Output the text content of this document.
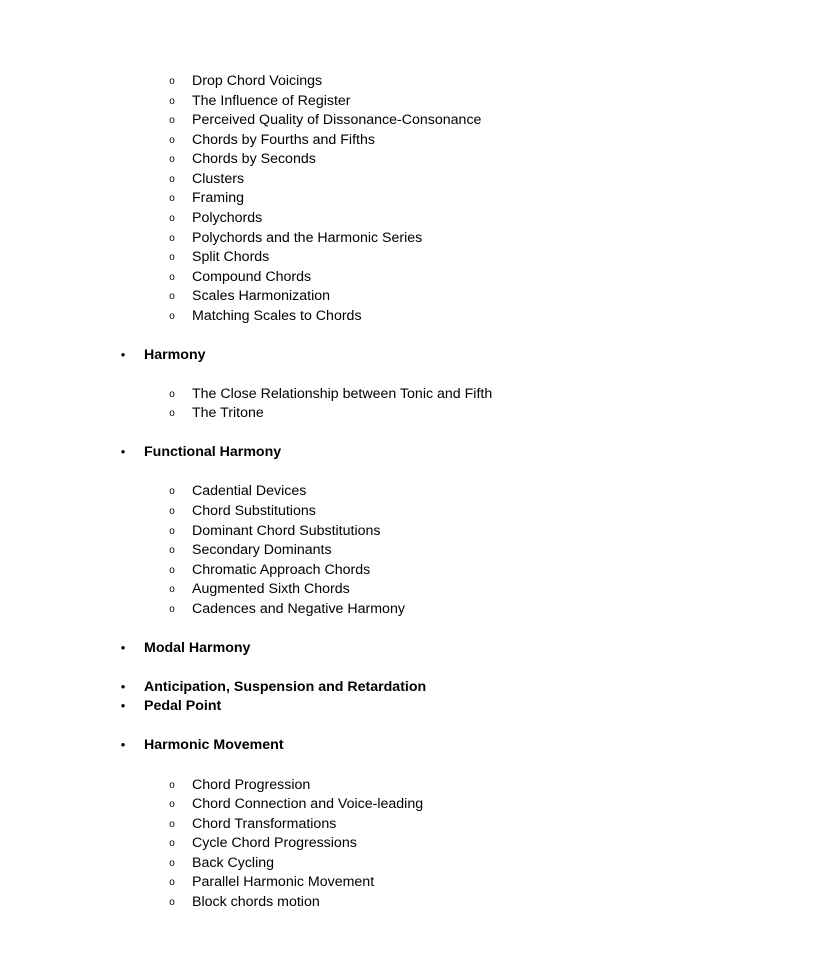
o Drop Chord Voicings
o The Influence of Register
o Perceived Quality of Dissonance-Consonance
o Chords by Fourths and Fifths
o Chords by Seconds
o Clusters
o Framing
o Polychords
o Polychords and the Harmonic Series
o Split Chords
o Compound Chords
o Scales Harmonization
o Matching Scales to Chords
• Harmony
o The Close Relationship between Tonic and Fifth
o The Tritone
• Functional Harmony
o Cadential Devices
o Chord Substitutions
o Dominant Chord Substitutions
o Secondary Dominants
o Chromatic Approach Chords
o Augmented Sixth Chords
o Cadences and Negative Harmony
• Modal Harmony
• Anticipation, Suspension and Retardation
• Pedal Point
• Harmonic Movement
o Chord Progression
o Chord Connection and Voice-leading
o Chord Transformations
o Cycle Chord Progressions
o Back Cycling
o Parallel Harmonic Movement
o Block chords motion
